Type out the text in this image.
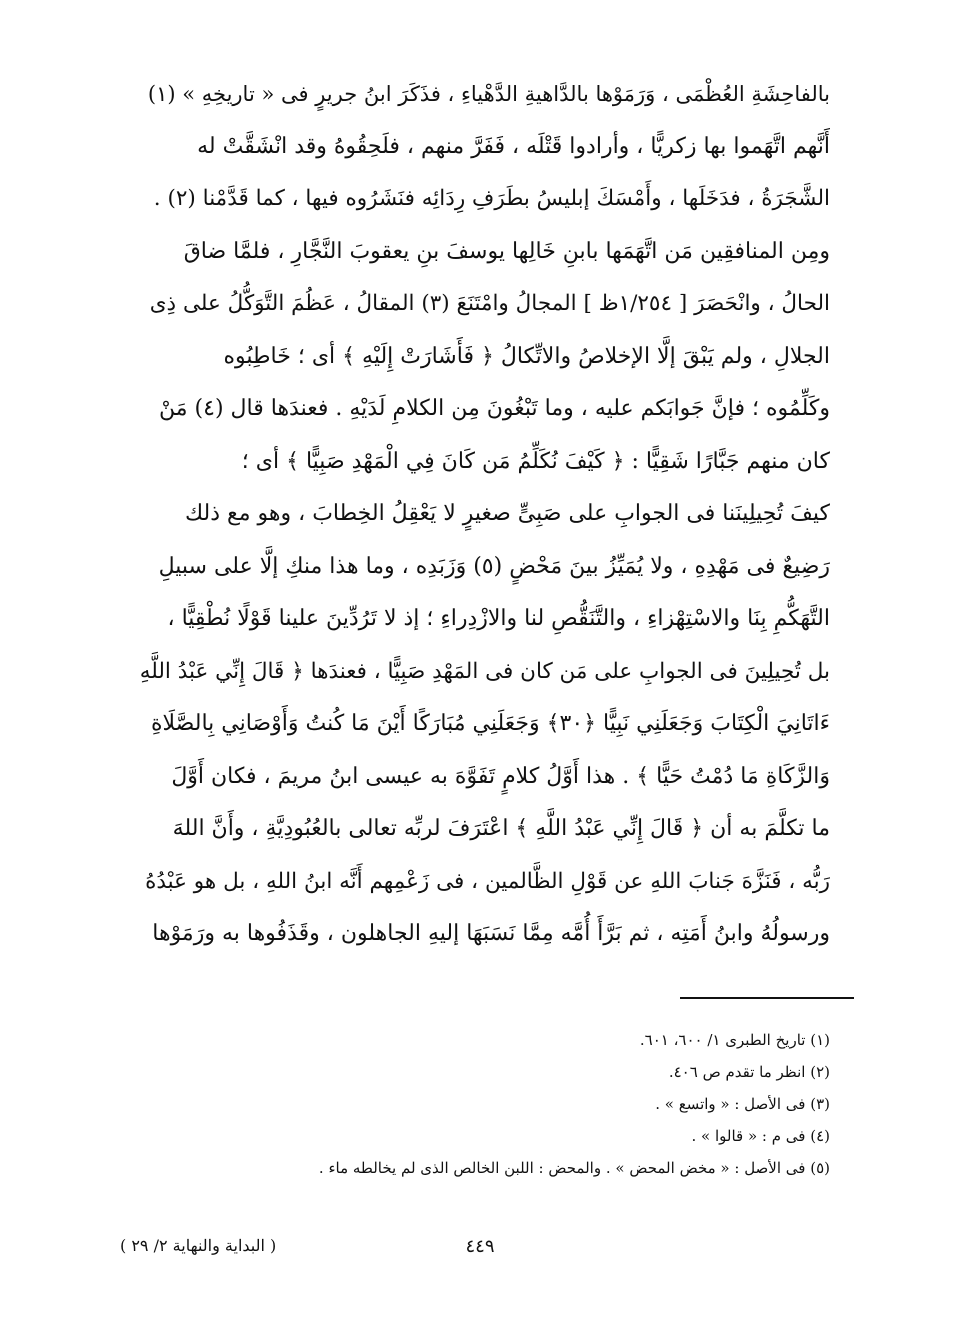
بالفاحِشَةِ العُظْمَى ، وَرَمَوْها بالدَّاهيةِ الدَّهْياءِ ، فذَكَرَ ابنُ جريرٍ فى « تاريخِهِ » (١)
أَنَّهم اتَّهَموا بها زكريًّا ، وأرادوا قَتْلَه ، فَفَرَّ منهم ، فلَحِقُوهُ وقد انْشَقَّتْ له
الشَّجَرَةُ ، فدَخَلَها ، وأَمْسَكَ إبليسُ بطَرَفِ رِدَائِه فنَشَرُوه فيها ، كما قَدَّمْنا (٢) .
ومِن المنافقِين مَن اتَّهَمَها بابنِ خَالِها يوسفَ بنِ يعقوبَ النَّجَّارِ ، فلمَّا ضاقَ
الحالُ ، وانْحَصَرَ [ ١/٢٥٤ظ ] المجالُ وامْتَنَعَ (٣) المقالُ ، عَظُمَ التَّوَكُّلُ على ذِى
الجلالِ ، ولم يَبْقَ إلَّا الإخلاصُ والاتِّكالُ ﴿ فَأَشَارَتْ إِلَيْهِ ﴾ أى ؛ خَاطِبُوه
وكَلِّمُوه ؛ فإنَّ جَوابَكم عليه ، وما تَبْغُونَ مِن الكلامِ لَدَيْهِ . فعندَها قال (٤) مَنْ
كان منهم جَبَّارًا شَقِيًّا : ﴿ كَيْفَ نُكَلِّمُ مَن كَانَ فِي الْمَهْدِ صَبِيًّا ﴾ أى ؛
كيفَ تُحِيلِينَنا فى الجوابِ على صَبِىٍّ صغيرٍ لا يَعْقِلُ الخِطابَ ، وهو مع ذلك
رَضِيعٌ فى مَهْدِهِ ، ولا يُمَيِّزُ بينَ مَحْضٍ (٥) وَزَبَدِه ، وما هذا منكِ إلَّا على سبيلِ
التَّهَكُّمِ بِنَا والاسْتِهْزاءِ ، والتَّنَقُّصِ لنا والازْدِراءِ ؛ إذ لا تَرُدِّينَ علينا قَوْلًا نُطْقِيًّا ،
بل تُحِيلِينَ فى الجوابِ على مَن كان فى المَهْدِ صَبِيًّا ، فعندَها ﴿ قَالَ إِنِّي عَبْدُ اللَّهِ
ءَاتَانِيَ الْكِتَابَ وَجَعَلَنِي نَبِيًّا ﴿٣٠﴾ وَجَعَلَنِي مُبَارَكًا أَيْنَ مَا كُنتُ وَأَوْصَانِي بِالصَّلَاةِ
وَالزَّكَاةِ مَا دُمْتُ حَيًّا ﴾ . هذا أَوَّلُ كلامٍ تَفَوَّهَ به عيسى ابنُ مريمَ ، فكان أَوَّلَ
ما تكلَّمَ به أن ﴿ قَالَ إِنِّي عَبْدُ اللَّهِ ﴾ اعْتَرَفَ لربِّه تعالى بالعُبُودِيَّةِ ، وأَنَّ اللهَ
رَبُّه ، فَنَزَّهَ جَنابَ اللهِ عن قَوْلِ الظَّالمين ، فى زَعْمِهم أَنَّه ابنُ اللهِ ، بل هو عَبْدُهُ
ورسولُهُ وابنُ أَمَتِه ، ثم بَرَّأَ أُمَّه مِمَّا نَسَبَهَا إليهِ الجاهلون ، وقَذَفُوها به ورَمَوْها
(١) تاريخ الطبرى ١/ ٦٠٠، ٦٠١.
(٢) انظر ما تقدم ص ٤٠٦.
(٣) فى الأصل : « واتسع » .
(٤) فى م : « قالوا » .
(٥) فى الأصل : « مخض المحض » . والمحض : اللبن الخالص الذى لم يخالطه ماء .
٤٤٩
( البداية والنهاية ٢/ ٢٩ )
